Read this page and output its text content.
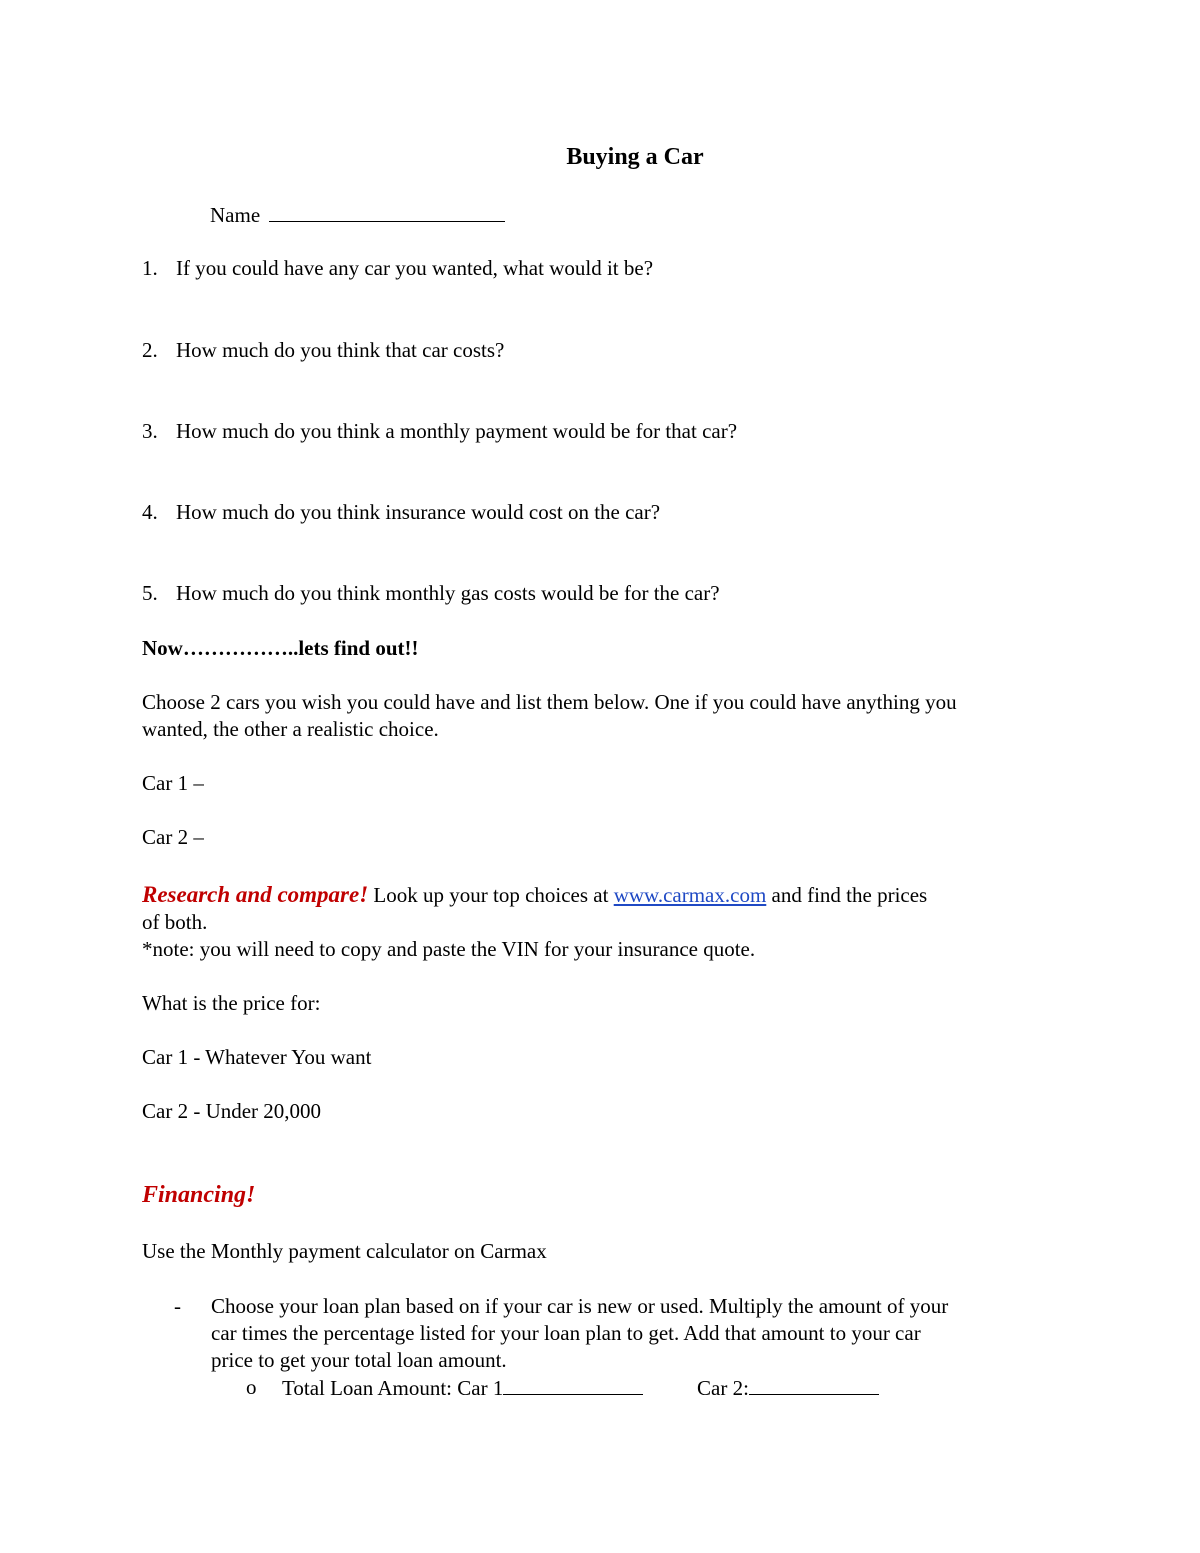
Buying a Car
Name
1. If you could have any car you wanted, what would it be?
2. How much do you think that car costs?
3. How much do you think a monthly payment would be for that car?
4. How much do you think insurance would cost on the car?
5. How much do you think monthly gas costs would be for the car?
Now……………..lets find out!!
Choose 2 cars you wish you could have and list them below. One if you could have anything you
wanted, the other a realistic choice.
Car 1 –
Car 2 –
Research and compare! Look up your top choices at www.carmax.com and find the prices
of both.
*note: you will need to copy and paste the VIN for your insurance quote.
What is the price for:
Car 1 - Whatever You want
Car 2 - Under 20,000
Financing!
Use the Monthly payment calculator on Carmax
- Choose your loan plan based on if your car is new or used. Multiply the amount of your
car times the percentage listed for your loan plan to get. Add that amount to your car
price to get your total loan amount.
o Total Loan Amount: Car 1	Car 2:
